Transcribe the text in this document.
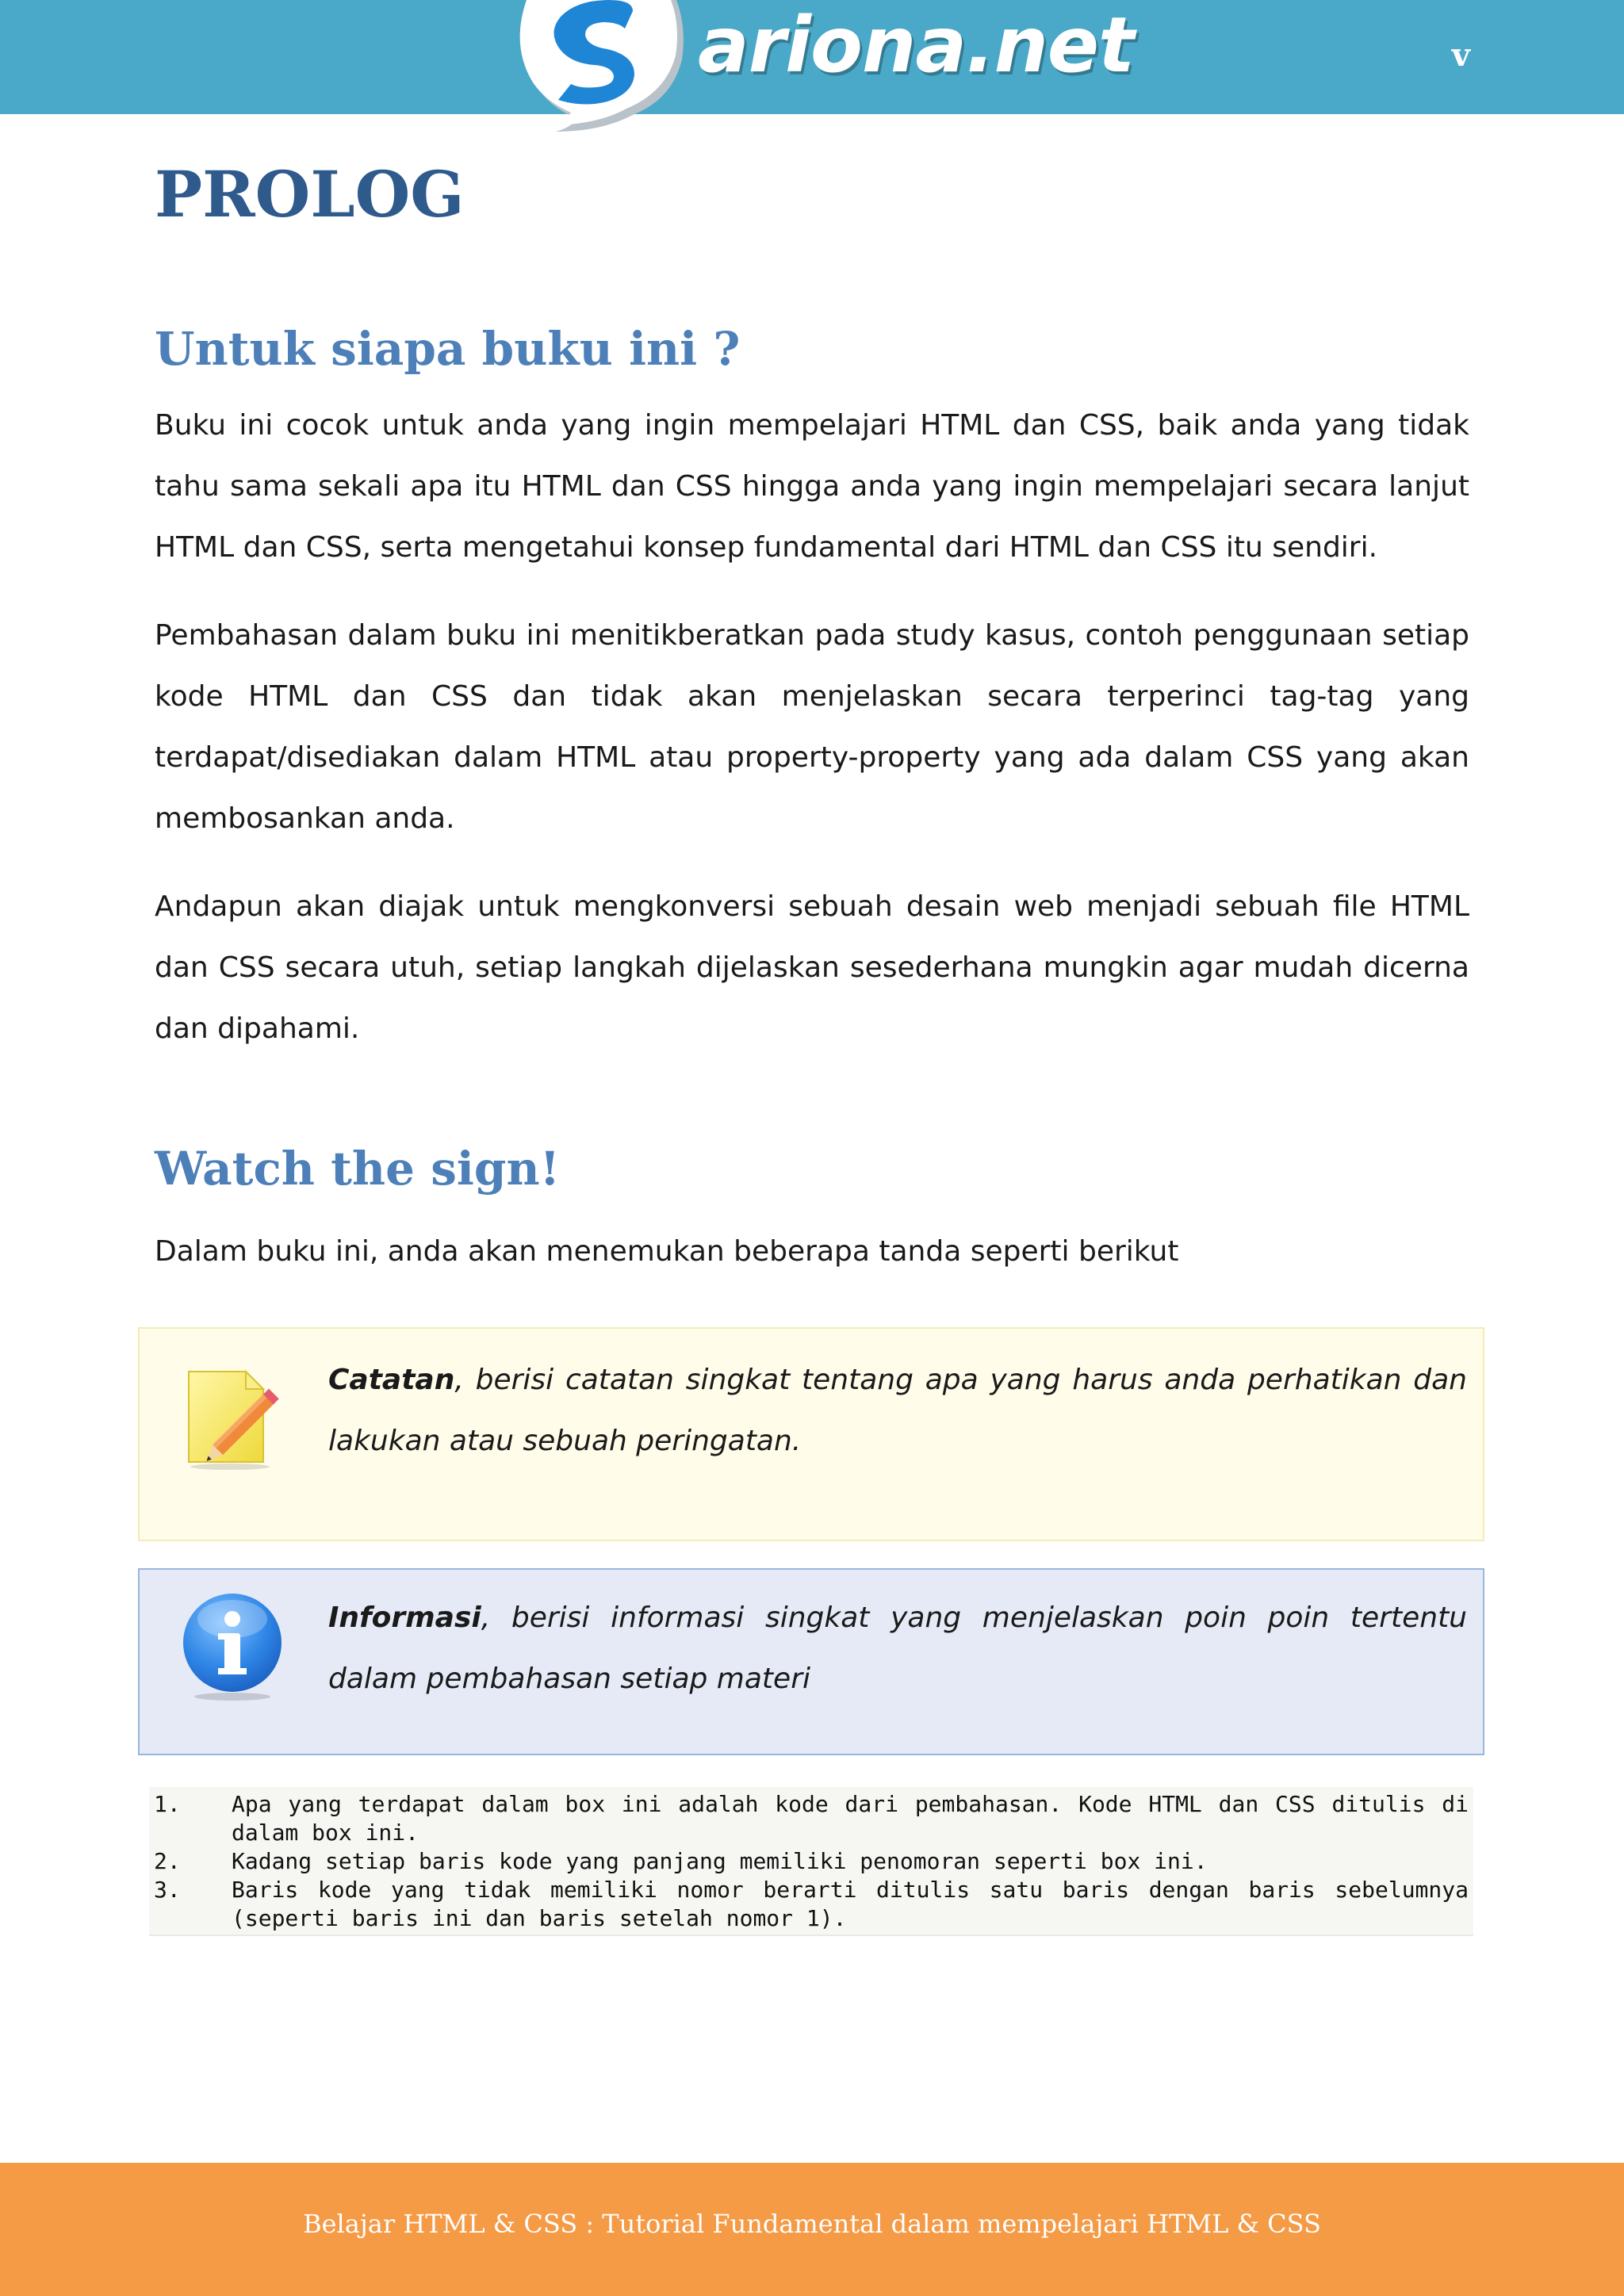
ariona.net	v
PROLOG
Untuk siapa buku ini ?

Buku ini cocok untuk anda yang ingin mempelajari HTML dan CSS, baik anda yang tidak tahu sama sekali apa itu HTML dan CSS hingga anda yang ingin mempelajari secara lanjut HTML dan CSS, serta mengetahui konsep fundamental dari HTML dan CSS itu sendiri.

Pembahasan dalam buku ini menitikberatkan pada study kasus, contoh penggunaan setiap kode HTML dan CSS dan tidak akan menjelaskan secara terperinci tag-tag yang terdapat/disediakan dalam HTML atau property-property yang ada dalam CSS yang akan membosankan anda.

Andapun akan diajak untuk mengkonversi sebuah desain web menjadi sebuah file HTML dan CSS secara utuh, setiap langkah dijelaskan sesederhana mungkin agar mudah dicerna dan dipahami.

Watch the sign!

Dalam buku ini, anda akan menemukan beberapa tanda seperti berikut

Catatan, berisi catatan singkat tentang apa yang harus anda perhatikan dan lakukan atau sebuah peringatan.
Informasi, berisi informasi singkat yang menjelaskan poin poin tertentu dalam pembahasan setiap materi
1.	Apa yang terdapat dalam box ini adalah kode dari pembahasan. Kode HTML dan CSS ditulis di dalam box ini.
2.	Kadang setiap baris kode yang panjang memiliki penomoran seperti box ini.
3.	Baris kode yang tidak memiliki nomor berarti ditulis satu baris dengan baris sebelumnya (seperti baris ini dan baris setelah nomor 1).
Belajar HTML & CSS : Tutorial Fundamental dalam mempelajari HTML & CSS
